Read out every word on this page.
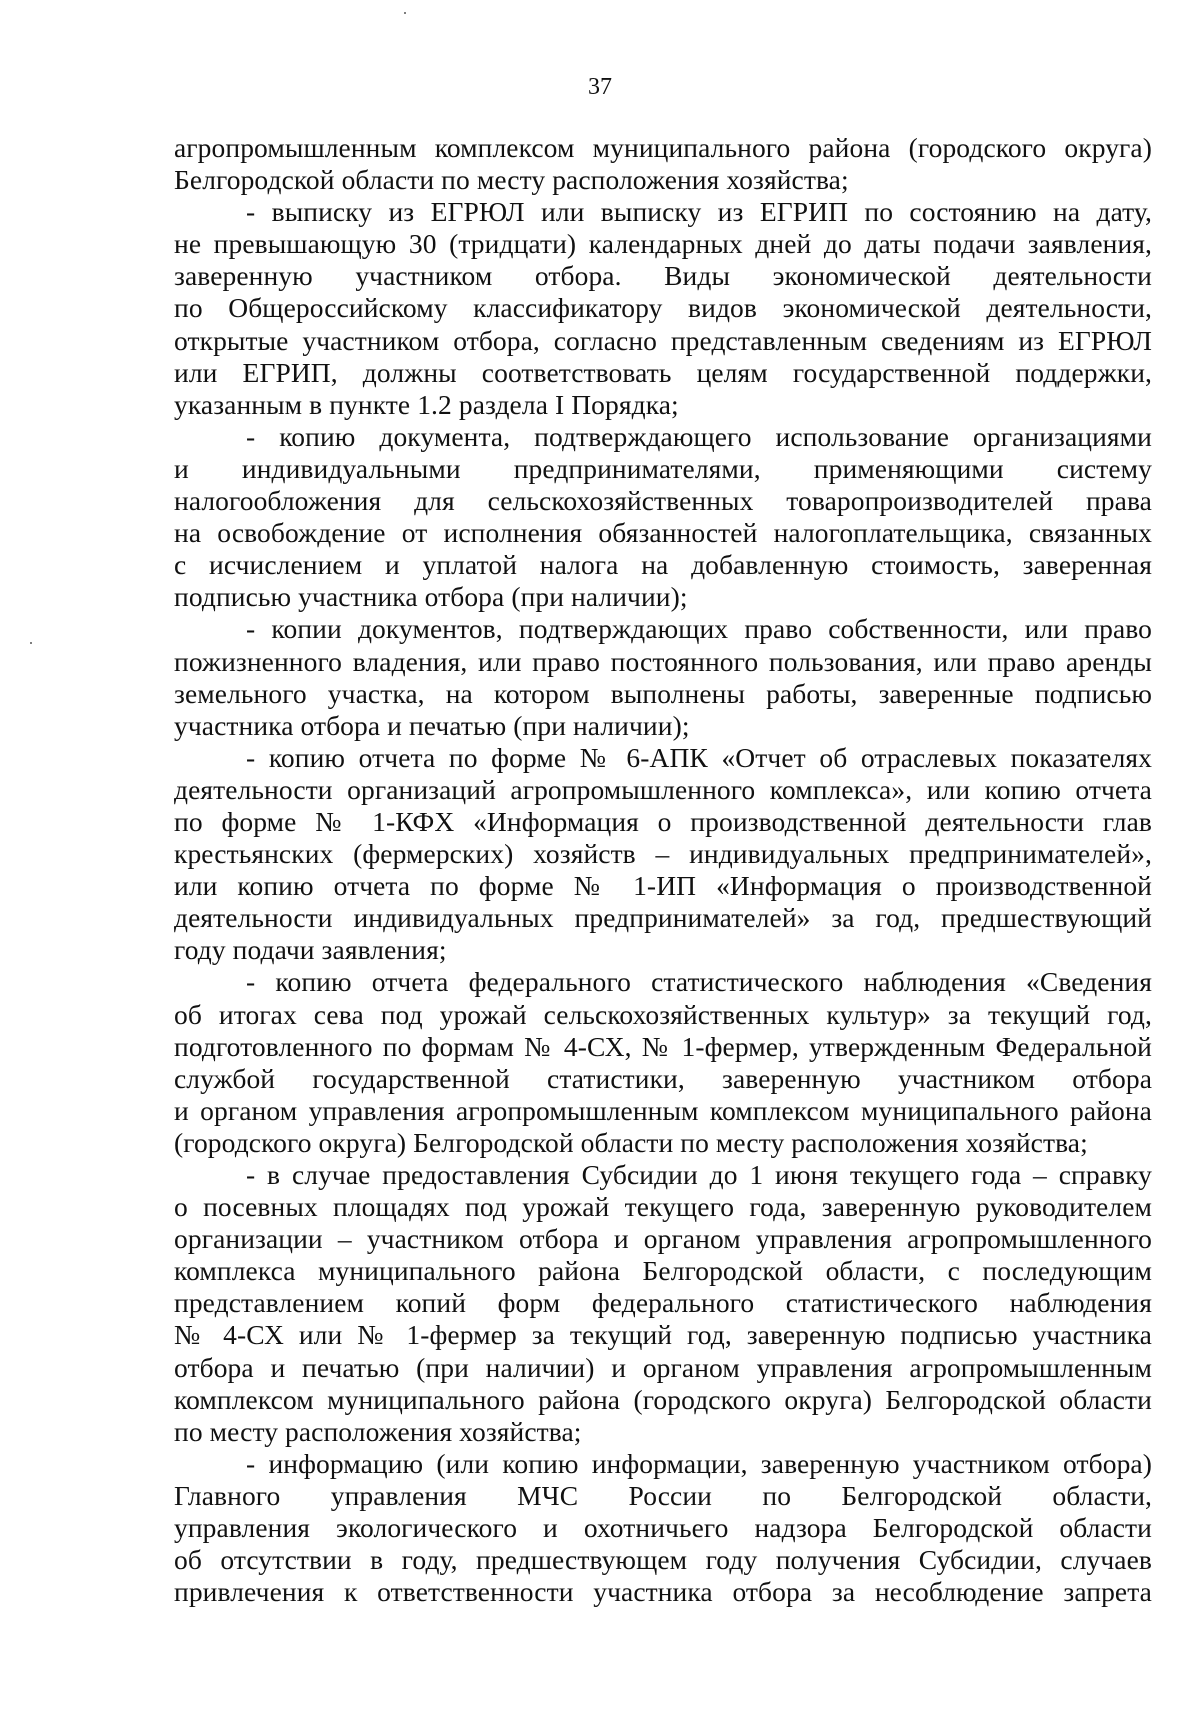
37

агропромышленным комплексом муниципального района (городского округа)
Белгородской области по месту расположения хозяйства;

- выписку из ЕГРЮЛ или выписку из ЕГРИП по состоянию на дату,
не превышающую 30 (тридцати) календарных дней до даты подачи заявления,
заверенную участником отбора. Виды экономической деятельности
по Общероссийскому классификатору видов экономической деятельности,
открытые участником отбора, согласно представленным сведениям из ЕГРЮЛ
или ЕГРИП, должны соответствовать целям государственной поддержки,
указанным в пункте 1.2 раздела I Порядка;

- копию документа, подтверждающего использование организациями
и индивидуальными предпринимателями, применяющими систему
налогообложения для сельскохозяйственных товаропроизводителей права
на освобождение от исполнения обязанностей налогоплательщика, связанных
с исчислением и уплатой налога на добавленную стоимость, заверенная
подписью участника отбора (при наличии);

- копии документов, подтверждающих право собственности, или право
пожизненного владения, или право постоянного пользования, или право аренды
земельного участка, на котором выполнены работы, заверенные подписью
участника отбора и печатью (при наличии);

- копию отчета по форме № 6-АПК «Отчет об отраслевых показателях
деятельности организаций агропромышленного комплекса», или копию отчета
по форме № 1-КФХ «Информация о производственной деятельности глав
крестьянских (фермерских) хозяйств – индивидуальных предпринимателей»,
или копию отчета по форме № 1-ИП «Информация о производственной
деятельности индивидуальных предпринимателей» за год, предшествующий
году подачи заявления;

- копию отчета федерального статистического наблюдения «Сведения
об итогах сева под урожай сельскохозяйственных культур» за текущий год,
подготовленного по формам № 4-СХ, № 1-фермер, утвержденным Федеральной
службой государственной статистики, заверенную участником отбора
и органом управления агропромышленным комплексом муниципального района
(городского округа) Белгородской области по месту расположения хозяйства;

- в случае предоставления Субсидии до 1 июня текущего года – справку
о посевных площадях под урожай текущего года, заверенную руководителем
организации – участником отбора и органом управления агропромышленного
комплекса муниципального района Белгородской области, с последующим
представлением копий форм федерального статистического наблюдения
№ 4-СХ или № 1-фермер за текущий год, заверенную подписью участника
отбора и печатью (при наличии) и органом управления агропромышленным
комплексом муниципального района (городского округа) Белгородской области
по месту расположения хозяйства;

- информацию (или копию информации, заверенную участником отбора)
Главного управления МЧС России по Белгородской области,
управления экологического и охотничьего надзора Белгородской области
об отсутствии в году, предшествующем году получения Субсидии, случаев
привлечения к ответственности участника отбора за несоблюдение запрета
